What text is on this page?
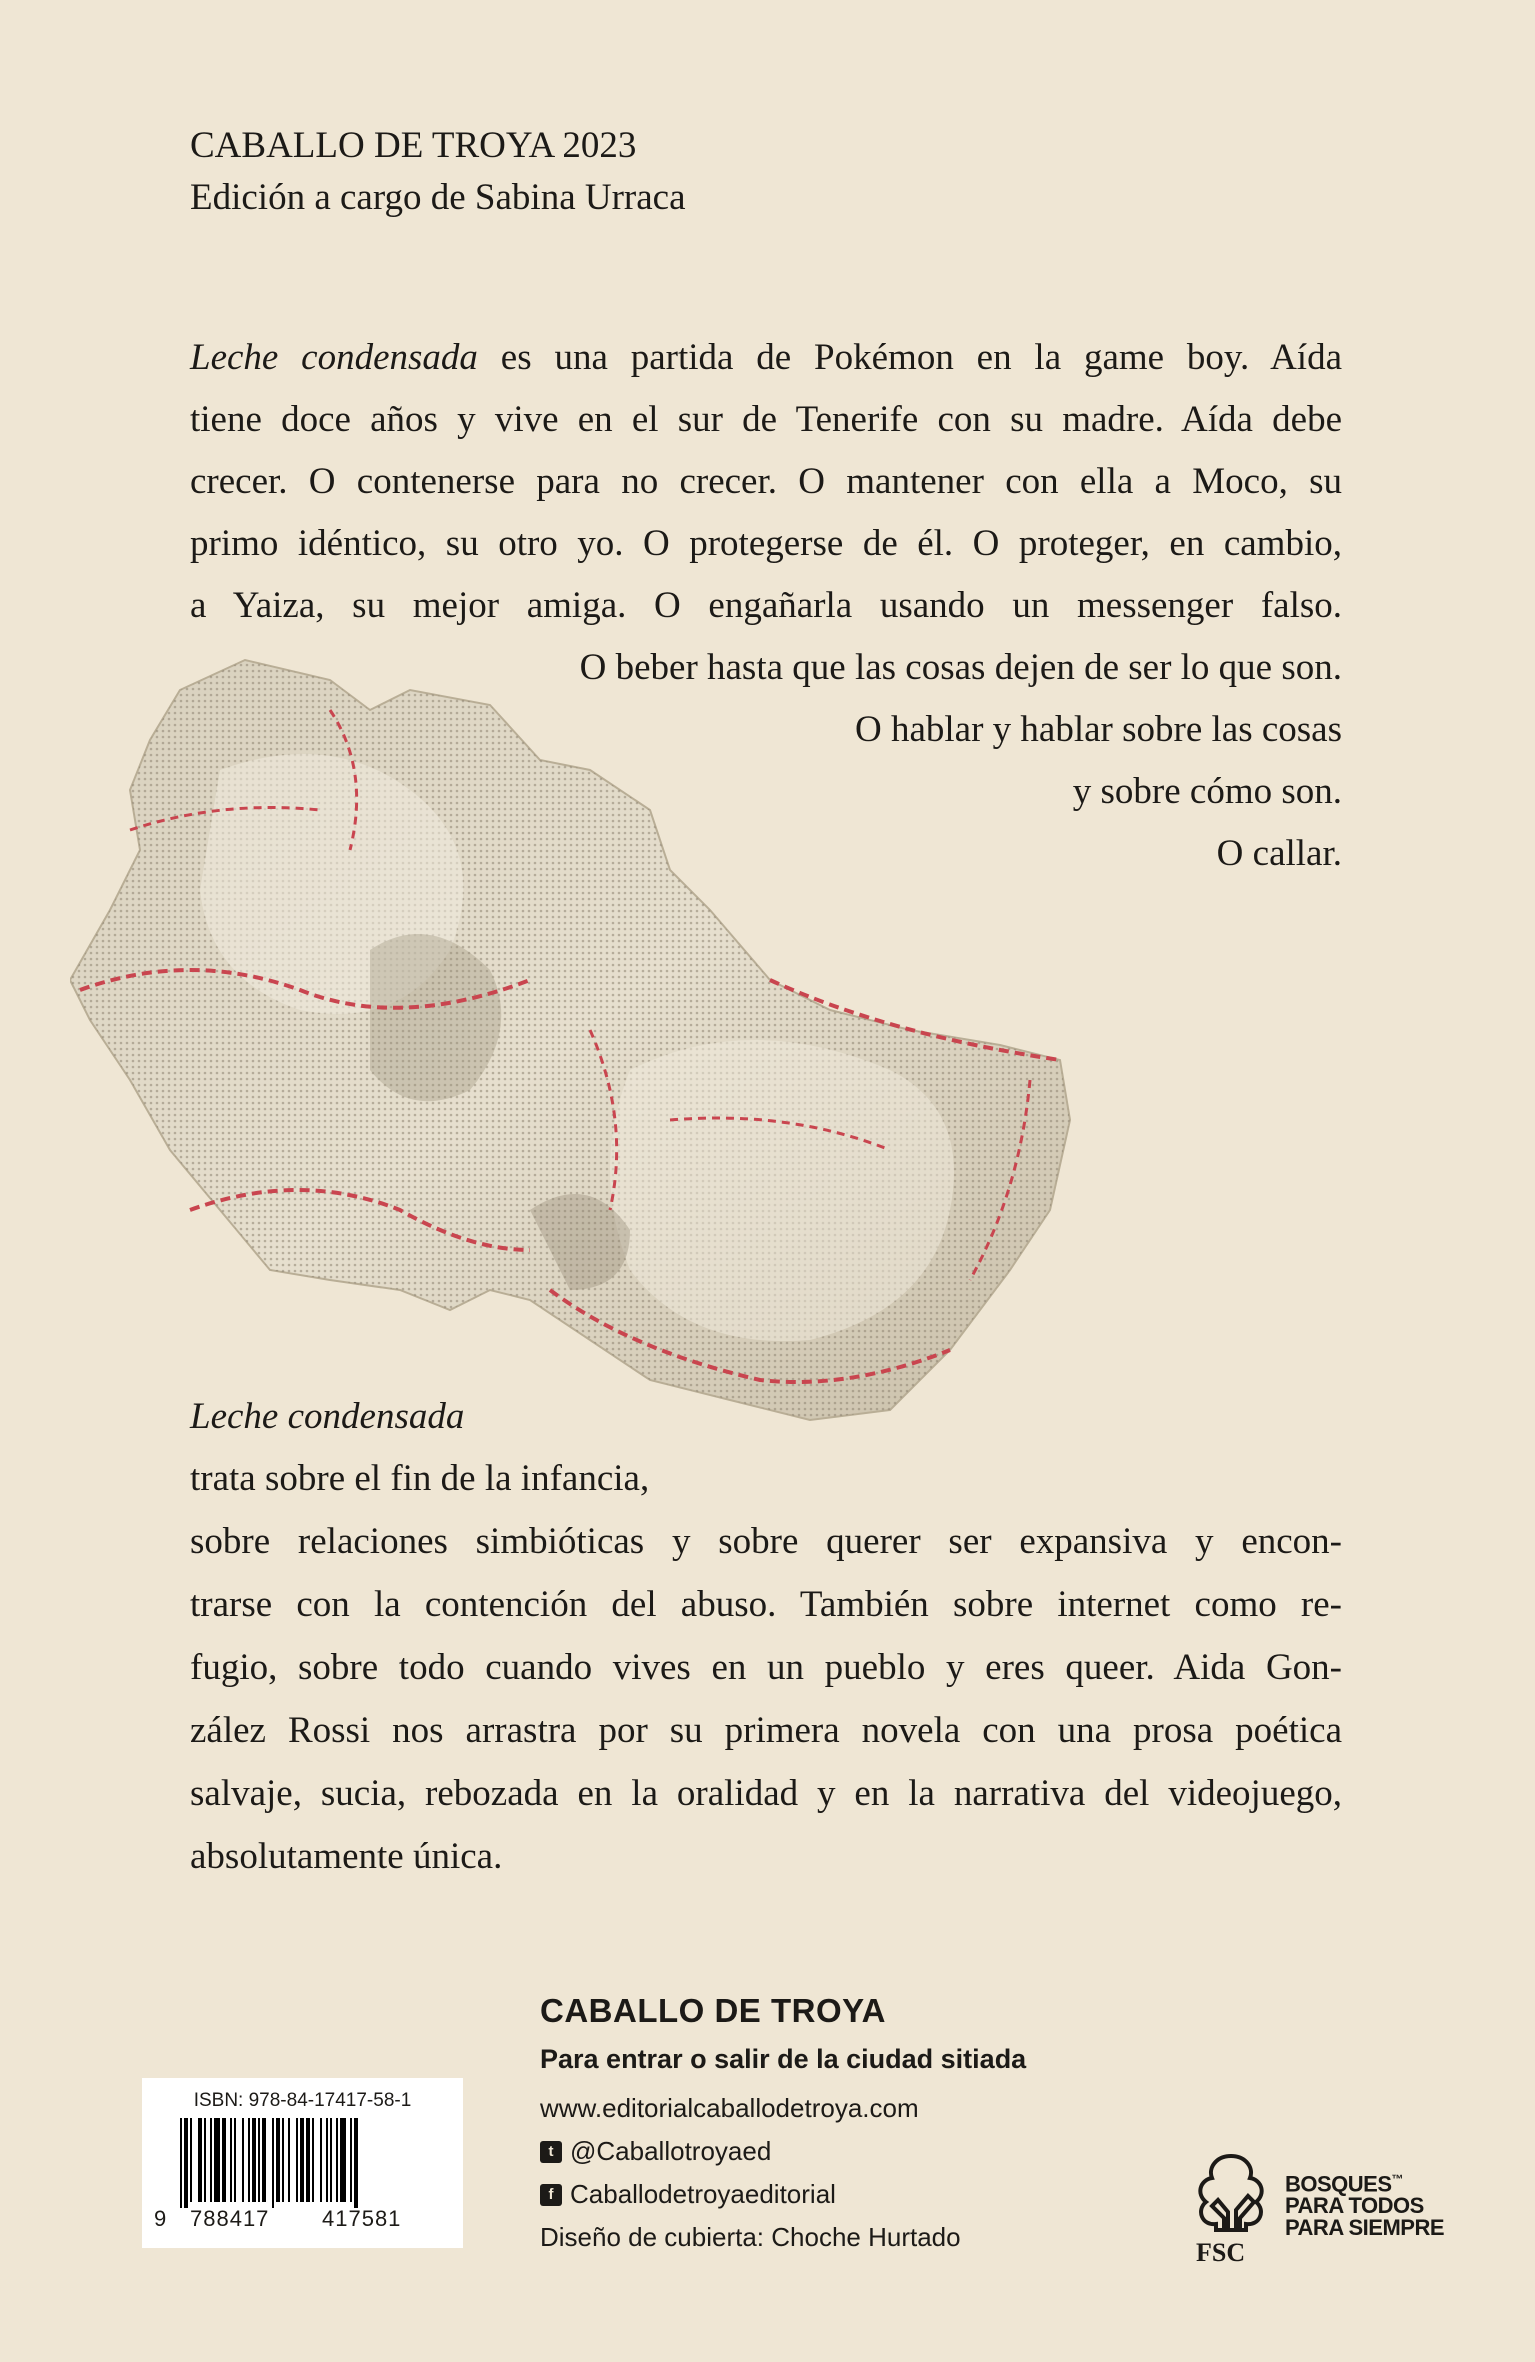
CABALLO DE TROYA 2023
Edición a cargo de Sabina Urraca
Leche condensada es una partida de Pokémon en la game boy. Aída
tiene doce años y vive en el sur de Tenerife con su madre. Aída debe
crecer. O contenerse para no crecer. O mantener con ella a Moco, su
primo idéntico, su otro yo. O protegerse de él. O proteger, en cambio,
a Yaiza, su mejor amiga. O engañarla usando un messenger falso.
O beber hasta que las cosas dejen de ser lo que son.
O hablar y hablar sobre las cosas
y sobre cómo son.
O callar.
Leche condensada
trata sobre el fin de la infancia,
sobre relaciones simbióticas y sobre querer ser expansiva y encon-
trarse con la contención del abuso. También sobre internet como re-
fugio, sobre todo cuando vives en un pueblo y eres queer. Aida Gon-
zález Rossi nos arrastra por su primera novela con una prosa poética
salvaje, sucia, rebozada en la oralidad y en la narrativa del videojuego,
absolutamente única.
ISBN: 978-84-17417-58-1
9 788417 417581
CABALLO DE TROYA
Para entrar o salir de la ciudad sitiada
www.editorialcaballodetroya.com
t @Caballotroyaed
f Caballodetroyaeditorial
Diseño de cubierta: Choche Hurtado
FSC
BOSQUES™
PARA TODOS
PARA SIEMPRE
